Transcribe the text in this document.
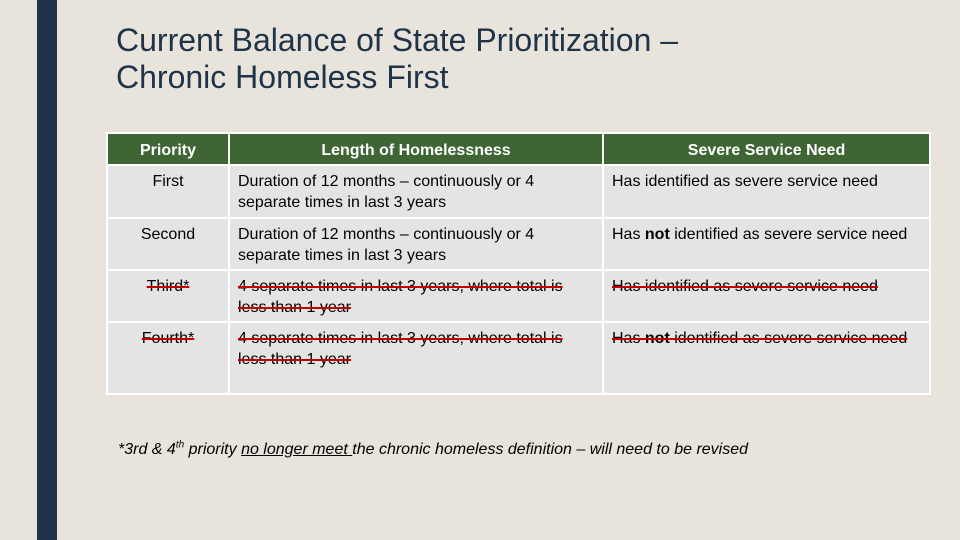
Current Balance of State Prioritization –
Chronic Homeless First
Priority	Length of Homelessness	Severe Service Need
First	Duration of 12 months – continuously or 4 separate times in last 3 years	Has identified as severe service need
Second	Duration of 12 months – continuously or 4 separate times in last 3 years	Has not identified as severe service need
Third*	4 separate times in last 3 years, where total is less than 1 year	Has identified as severe service need
Fourth*	4 separate times in last 3 years, where total is less than 1 year	Has not identified as severe service need
*3rd & 4th priority no longer meet the chronic homeless definition – will need to be revised
